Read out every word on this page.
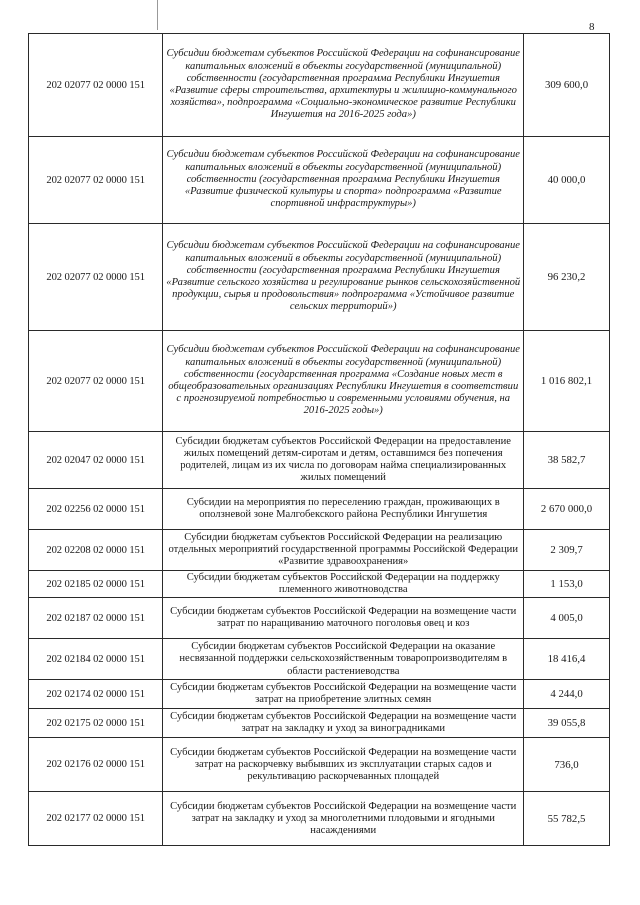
8
202 02077 02 0000 151	Субсидии бюджетам субъектов Российской Федерации на софинансирование капитальных вложений в объекты государственной (муниципальной) собственности (государственная программа Республики Ингушетия «Развитие сферы строительства, архитектуры и жилищно-коммунального хозяйства», подпрограмма «Социально-экономическое развитие Республики Ингушетия на 2016-2025 года»)	309 600,0
202 02077 02 0000 151	Субсидии бюджетам субъектов Российской Федерации на софинансирование капитальных вложений в объекты государственной (муниципальной) собственности (государственная программа Республики Ингушетия «Развитие физической культуры и спорта» подпрограмма «Развитие спортивной инфраструктуры»)	40 000,0
202 02077 02 0000 151	Субсидии бюджетам субъектов Российской Федерации на софинансирование капитальных вложений в объекты государственной (муниципальной) собственности (государственная программа Республики Ингушетия «Развитие сельского хозяйства и регулирование рынков сельскохозяйственной продукции, сырья и продовольствия» подпрограмма «Устойчивое развитие сельских территорий»)	96 230,2
202 02077 02 0000 151	Субсидии бюджетам субъектов Российской Федерации на софинансирование капитальных вложений в объекты государственной (муниципальной) собственности (государственная программа «Создание новых мест в общеобразовательных организациях Республики Ингушетия в соответствии с прогнозируемой потребностью и современными условиями обучения, на 2016-2025 годы»)	1 016 802,1
202 02047 02 0000 151	Субсидии бюджетам субъектов Российской Федерации на предоставление жилых помещений детям-сиротам и детям, оставшимся без попечения родителей, лицам из их числа по договорам найма специализированных жилых помещений	38 582,7
202 02256 02 0000 151	Субсидии на мероприятия по переселению граждан, проживающих в оползневой зоне Малгобекского района Республики Ингушетия	2 670 000,0
202 02208 02 0000 151	Субсидии бюджетам субъектов Российской Федерации на реализацию отдельных мероприятий государственной программы Российской Федерации «Развитие здравоохранения»	2 309,7
202 02185 02 0000 151	Субсидии бюджетам субъектов Российской Федерации на поддержку племенного животноводства	1 153,0
202 02187 02 0000 151	Субсидии бюджетам субъектов Российской Федерации на возмещение части затрат по наращиванию маточного поголовья овец и коз	4 005,0
202 02184 02 0000 151	Субсидии бюджетам субъектов Российской Федерации на оказание несвязанной поддержки сельскохозяйственным товаропроизводителям в области растениеводства	18 416,4
202 02174 02 0000 151	Субсидии бюджетам субъектов Российской Федерации на возмещение части затрат на приобретение элитных семян	4 244,0
202 02175 02 0000 151	Субсидии бюджетам субъектов Российской Федерации на возмещение части затрат на закладку и уход за виноградниками	39 055,8
202 02176 02 0000 151	Субсидии бюджетам субъектов Российской Федерации на возмещение части затрат на раскорчевку выбывших из эксплуатации старых садов и рекультивацию раскорчеванных площадей	736,0
202 02177 02 0000 151	Субсидии бюджетам субъектов Российской Федерации на возмещение части затрат на закладку и уход за многолетними плодовыми и ягодными насаждениями	55 782,5
